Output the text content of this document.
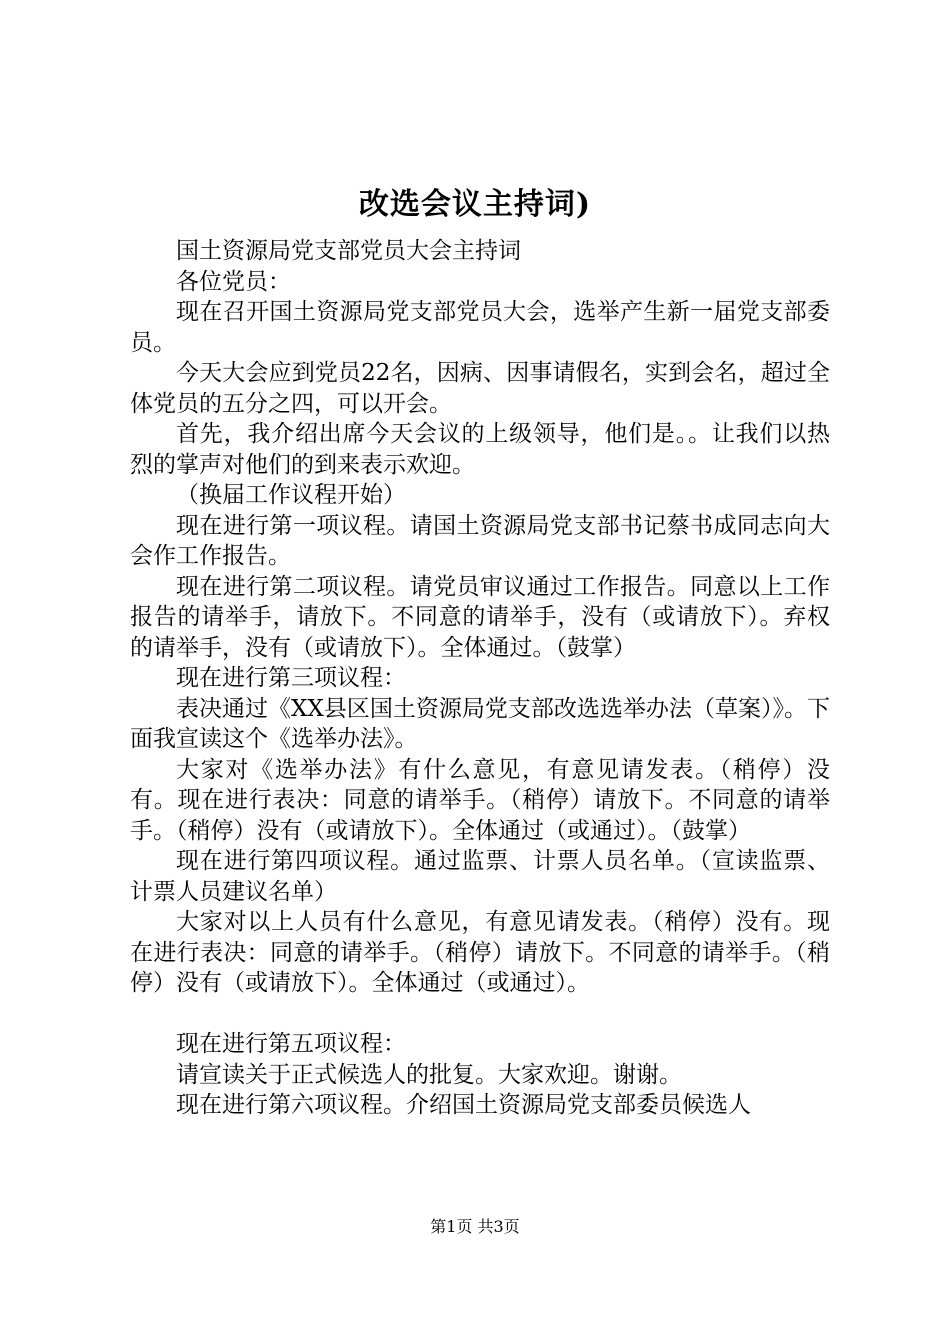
改选会议主持词)

国土资源局党支部党员大会主持词

各位党员：

现在召开国土资源局党支部党员大会，选举产生新一届党支部委员。

今天大会应到党员22名，因病、因事请假名，实到会名，超过全体党员的五分之四，可以开会。

首先，我介绍出席今天会议的上级领导，他们是。。让我们以热烈的掌声对他们的到来表示欢迎。

（换届工作议程开始）

现在进行第一项议程。请国土资源局党支部书记蔡书成同志向大会作工作报告。

现在进行第二项议程。请党员审议通过工作报告。同意以上工作报告的请举手，请放下。不同意的请举手，没有（或请放下）。弃权的请举手，没有（或请放下）。全体通过。（鼓掌）

现在进行第三项议程：

表决通过《XX县区国土资源局党支部改选选举办法（草案）》。下面我宣读这个《选举办法》。

大家对《选举办法》有什么意见，有意见请发表。（稍停）没有。现在进行表决：同意的请举手。（稍停）请放下。不同意的请举手。（稍停）没有（或请放下）。全体通过（或通过）。（鼓掌）

现在进行第四项议程。通过监票、计票人员名单。（宣读监票、计票人员建议名单）

大家对以上人员有什么意见，有意见请发表。（稍停）没有。现在进行表决：同意的请举手。（稍停）请放下。不同意的请举手。（稍停）没有（或请放下）。全体通过（或通过）。

现在进行第五项议程：

请宣读关于正式候选人的批复。大家欢迎。谢谢。

现在进行第六项议程。介绍国土资源局党支部委员候选人

第1页 共3页
